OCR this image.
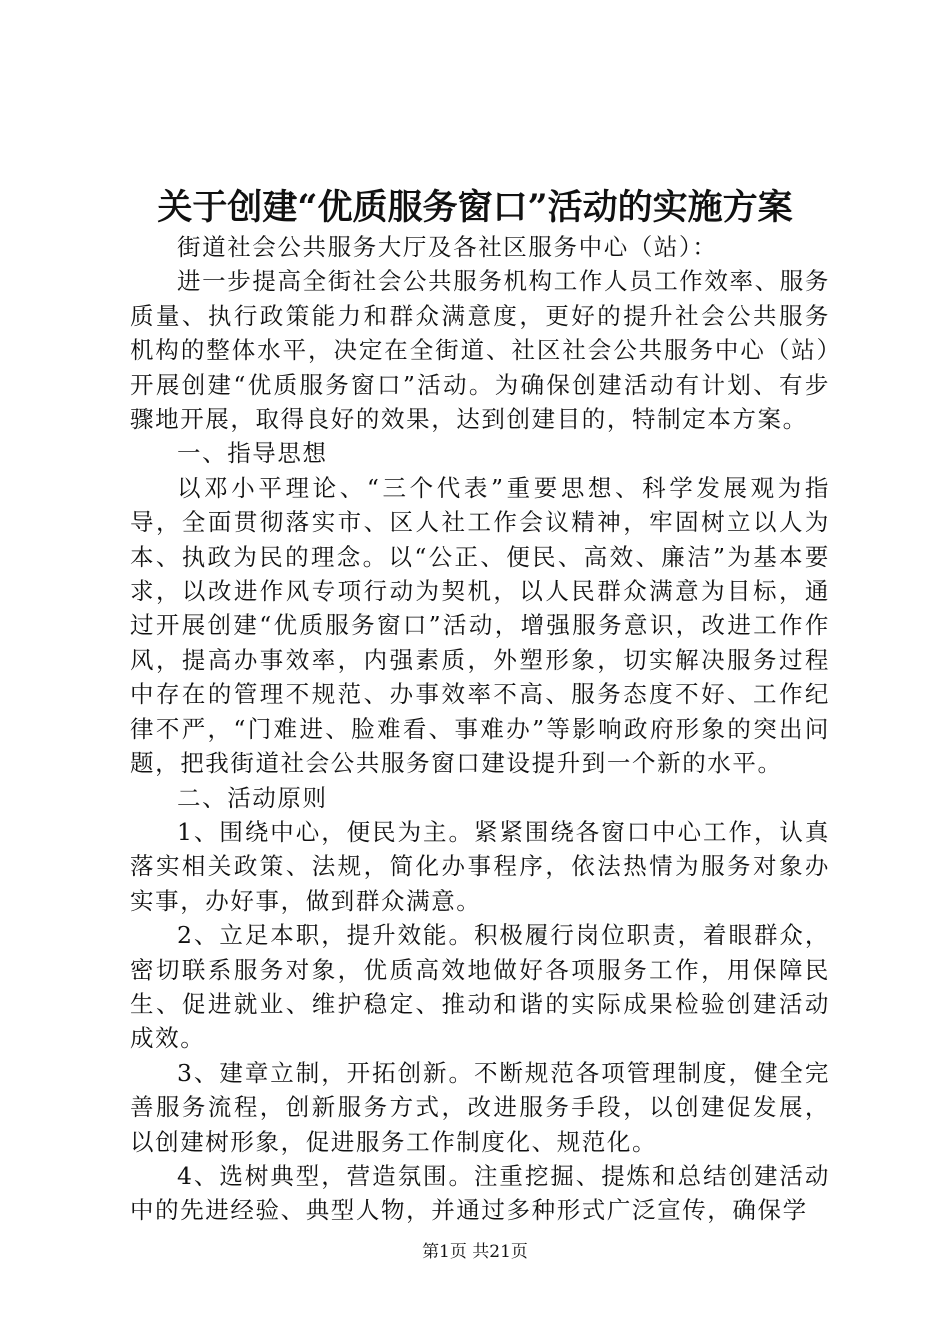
关于创建“优质服务窗口”活动的实施方案

街道社会公共服务大厅及各社区服务中心（站）：

进一步提高全街社会公共服务机构工作人员工作效率、服务质量、执行政策能力和群众满意度，更好的提升社会公共服务机构的整体水平，决定在全街道、社区社会公共服务中心（站）开展创建“优质服务窗口”活动。为确保创建活动有计划、有步骤地开展，取得良好的效果，达到创建目的，特制定本方案。

一、指导思想

以邓小平理论、“三个代表”重要思想、科学发展观为指导，全面贯彻落实市、区人社工作会议精神，牢固树立以人为本、执政为民的理念。以“公正、便民、高效、廉洁”为基本要求，以改进作风专项行动为契机，以人民群众满意为目标，通过开展创建“优质服务窗口”活动，增强服务意识，改进工作作风，提高办事效率，内强素质，外塑形象，切实解决服务过程中存在的管理不规范、办事效率不高、服务态度不好、工作纪律不严，“门难进、脸难看、事难办”等影响政府形象的突出问题，把我街道社会公共服务窗口建设提升到一个新的水平。

二、活动原则

1、围绕中心，便民为主。紧紧围绕各窗口中心工作，认真落实相关政策、法规，简化办事程序，依法热情为服务对象办实事，办好事，做到群众满意。

2、立足本职，提升效能。积极履行岗位职责，着眼群众，密切联系服务对象，优质高效地做好各项服务工作，用保障民生、促进就业、维护稳定、推动和谐的实际成果检验创建活动成效。

3、建章立制，开拓创新。不断规范各项管理制度，健全完善服务流程，创新服务方式，改进服务手段，以创建促发展，以创建树形象，促进服务工作制度化、规范化。

4、选树典型，营造氛围。注重挖掘、提炼和总结创建活动中的先进经验、典型人物，并通过多种形式广泛宣传，确保学

第1页 共21页
